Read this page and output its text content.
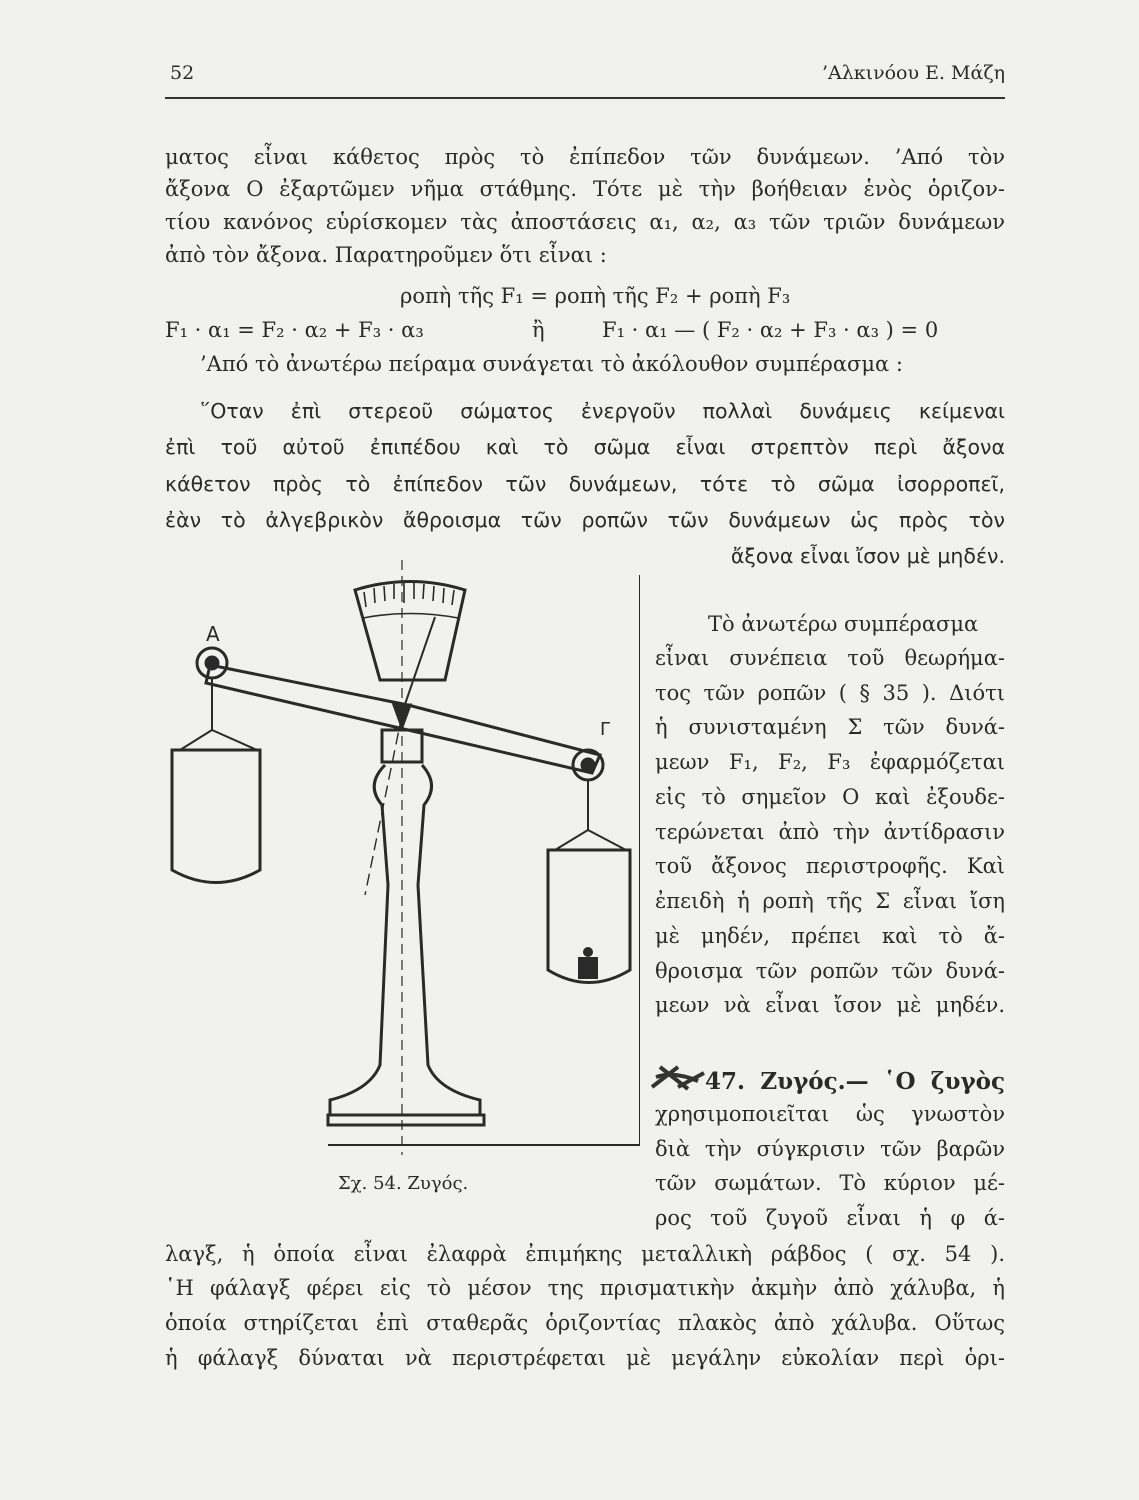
52	’Αλκινόου Ε. Μάζη
ματος εἶναι κάθετος πρὸς τὸ ἐπίπεδον τῶν δυνάμεων. ’Από τὸν
ἄξονα Ο ἐξαρτῶμεν νῆμα στάθμης. Τότε μὲ τὴν βοήθειαν ἑνὸς ὁριζον-
τίου κανόνος εὑρίσκομεν τὰς ἀποστάσεις α₁, α₂, α₃ τῶν τριῶν δυνάμεων
ἀπὸ τὸν ἄξονα. Παρατηροῦμεν ὅτι εἶναι :
ροπὴ τῆς F₁ = ροπὴ τῆς F₂ + ροπὴ F₃
F₁ · α₁ = F₂ · α₂ + F₃ · α₃	ἢ	F₁ · α₁ — ( F₂ · α₂ + F₃ · α₃ ) = 0
’Από τὸ ἀνωτέρω πείραμα συνάγεται τὸ ἀκόλουθον συμπέρασμα :
῞Οταν ἐπὶ στερεοῦ σώματος ἐνεργοῦν πολλαὶ δυνάμεις κείμεναι
ἐπὶ τοῦ αὐτοῦ ἐπιπέδου καὶ τὸ σῶμα εἶναι στρεπτὸν περὶ ἄξονα
κάθετον πρὸς τὸ ἐπίπεδον τῶν δυνάμεων, τότε τὸ σῶμα ἰσορροπεῖ,
ἐὰν τὸ ἀλγεβρικὸν ἄθροισμα τῶν ροπῶν τῶν δυνάμεων ὡς πρὸς τὸν
ἄξονα εἶναι ἴσον μὲ μηδέν.
Τὸ ἀνωτέρω συμπέρασμα
εἶναι συνέπεια τοῦ θεωρήμα-
τος τῶν ροπῶν ( § 35 ). Διότι
ἡ συνισταμένη Σ τῶν δυνά-
μεων F₁, F₂, F₃ ἐφαρμόζεται
εἰς τὸ σημεῖον Ο καὶ ἐξουδε-
τερώνεται ἀπὸ τὴν ἀντίδρασιν
τοῦ ἄξονος περιστροφῆς. Καὶ
ἐπειδὴ ἡ ροπὴ τῆς Σ εἶναι ἴση
μὲ μηδέν, πρέπει καὶ τὸ ἄ-
θροισμα τῶν ροπῶν τῶν δυνά-
μεων νὰ εἶναι ἴσον μὲ μηδέν.
47. Ζυγός.— ῾Ο ζυγὸς
χρησιμοποιεῖται ὡς γνωστὸν
διὰ τὴν σύγκρισιν τῶν βαρῶν
τῶν σωμάτων. Τὸ κύριον μέ-
ρος τοῦ ζυγοῦ εἶναι ἡ φ ά-
λαγξ, ἡ ὁποία εἶναι ἐλαφρὰ ἐπιμήκης μεταλλικὴ ράβδος ( σχ. 54 ).
῾Η φάλαγξ φέρει εἰς τὸ μέσον της πρισματικὴν ἀκμὴν ἀπὸ χάλυβα, ἡ
ὁποία στηρίζεται ἐπὶ σταθερᾶς ὁριζοντίας πλακὸς ἀπὸ χάλυβα. Οὕτως
ἡ φάλαγξ δύναται νὰ περιστρέφεται μὲ μεγάλην εὐκολίαν περὶ ὁρι-
Α
Γ
Σχ. 54. Ζυγός.
